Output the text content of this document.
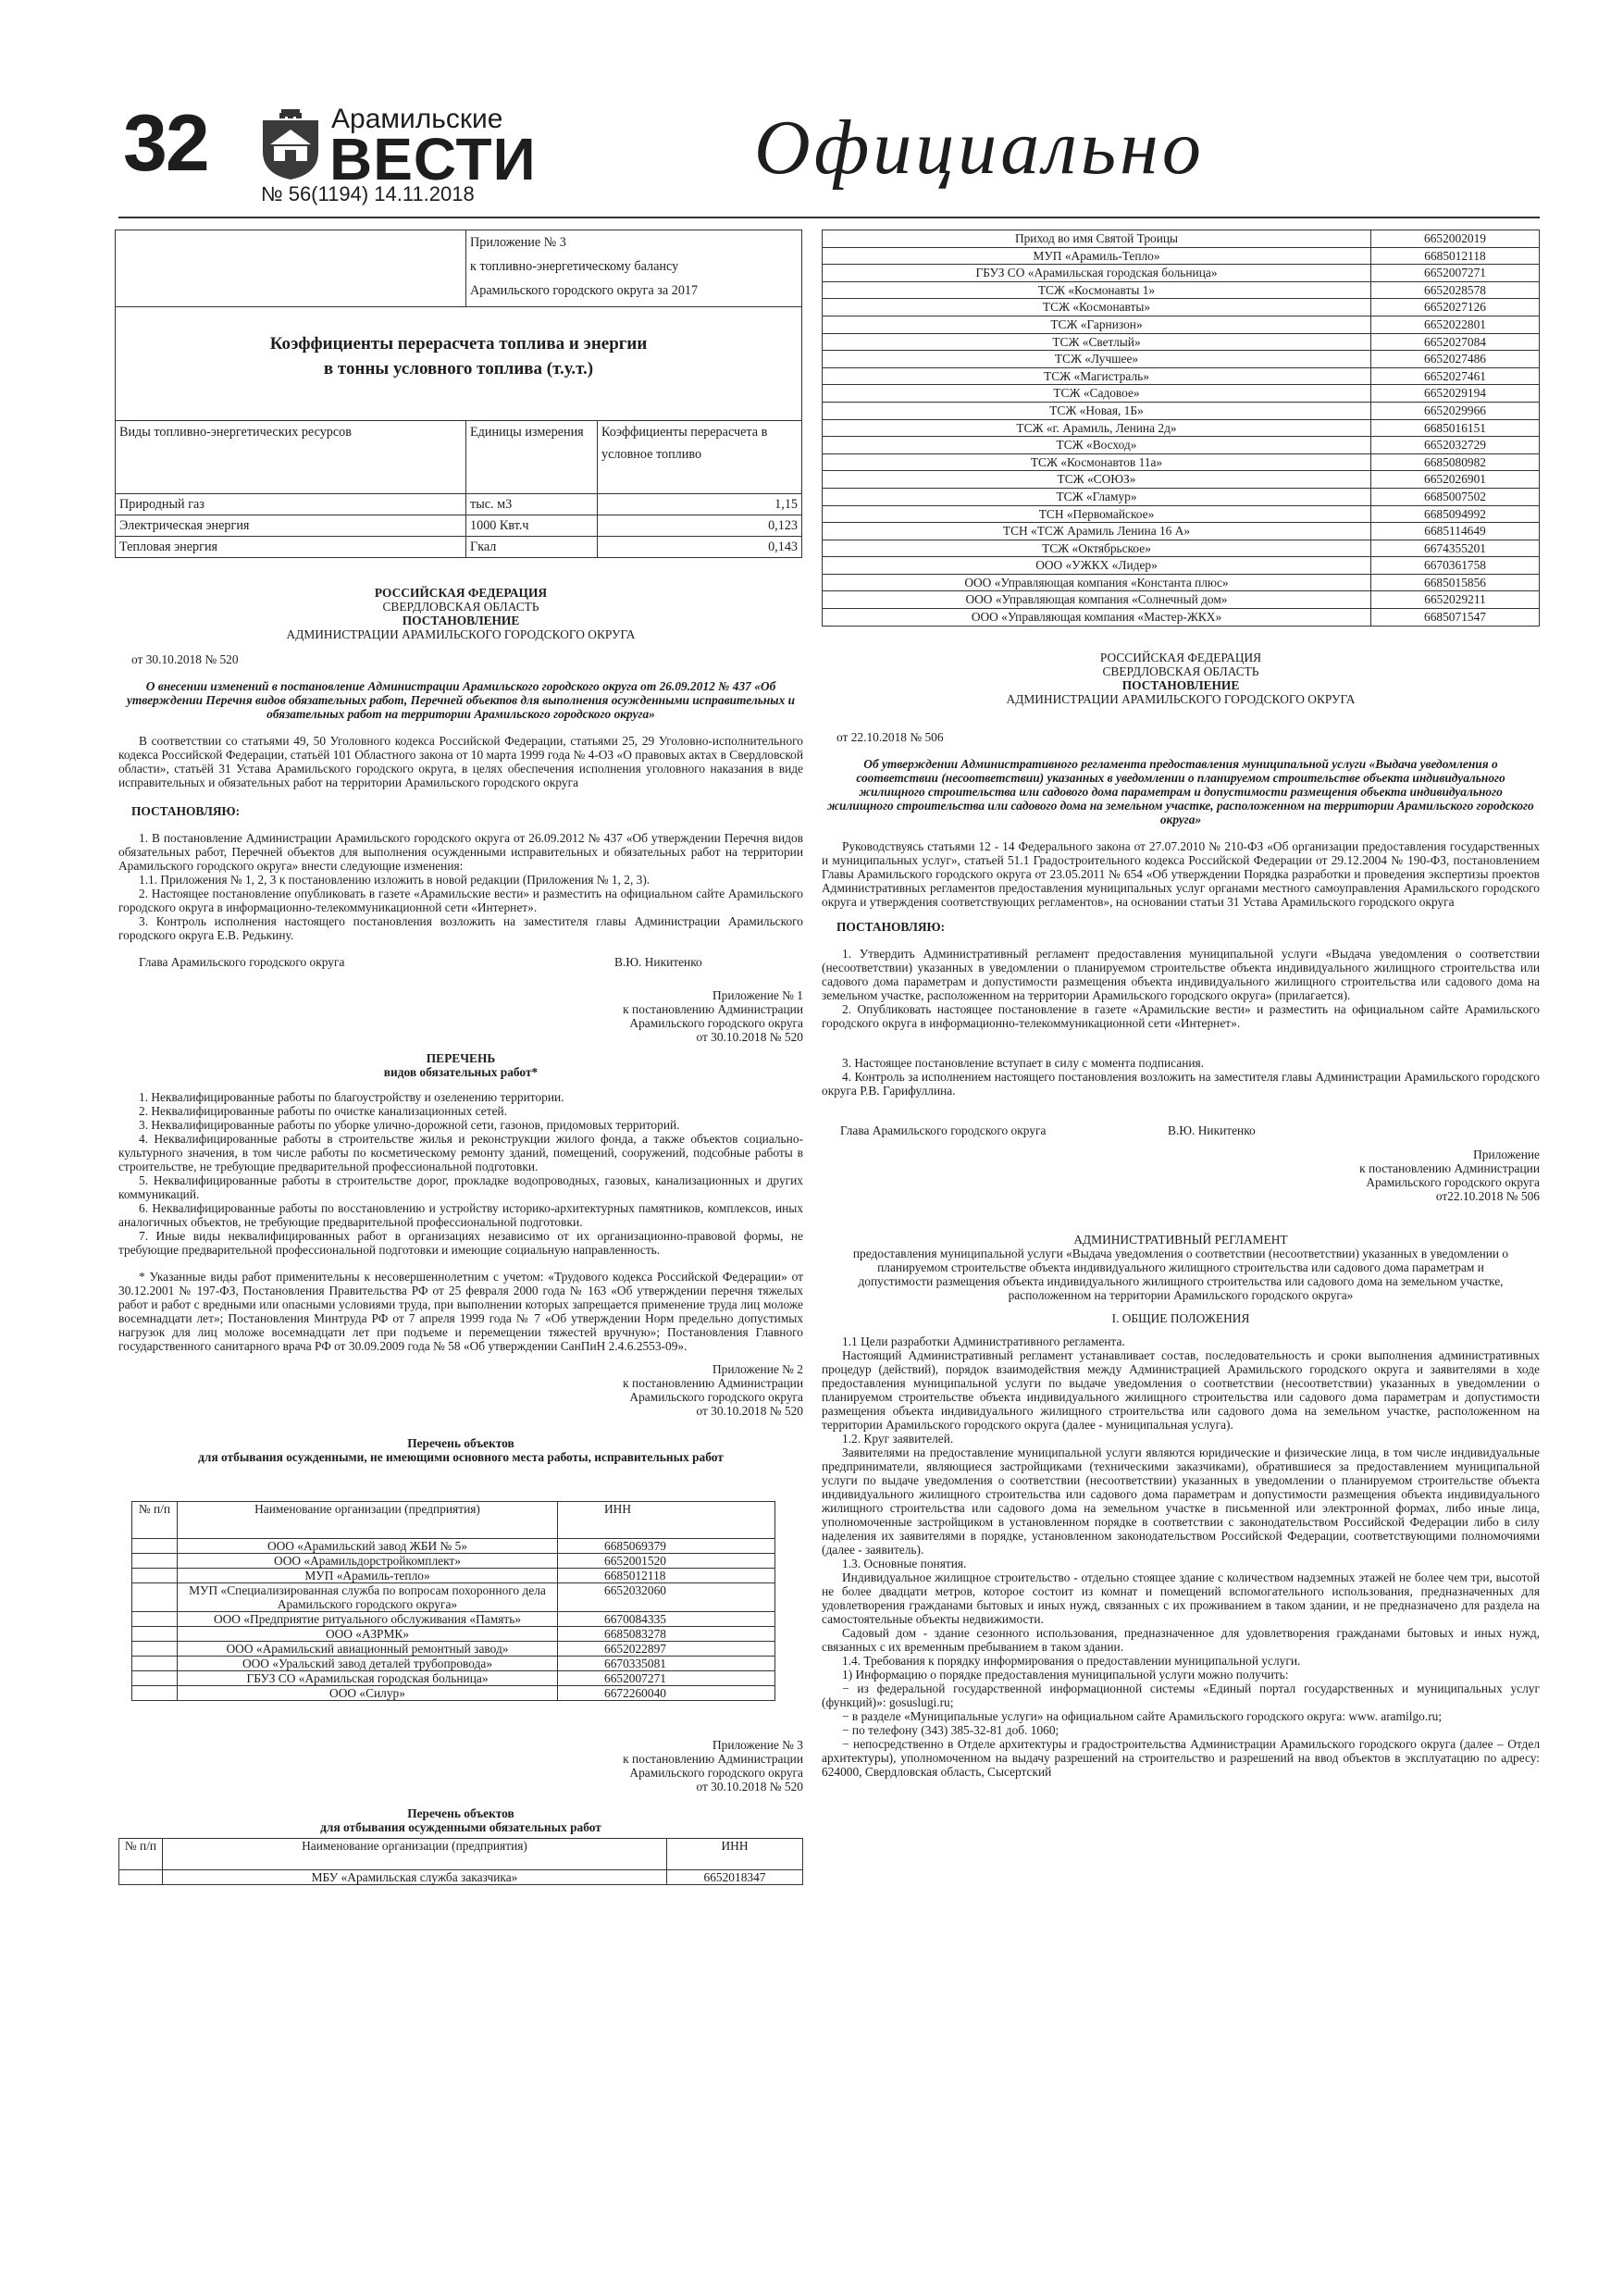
32	Арамильские
ВЕСТИ
№ 56(1194) 14.11.2018
Официально

	Приложение № 3
к топливно-энергетическому балансу
Арамильского городского округа за 2017	

Коэффициенты перерасчета топлива и энергии
в тонны условного топлива (т.у.т.)		

Виды топливно-энергетических ресурсов	Единицы измерения	Коэффициенты перерасчета в условное топливо
Природный газ	тыс. м3	1,15
Электрическая энергия	1000 Квт.ч	0,123
Тепловая энергия	Гкал	0,143
РОССИЙСКАЯ ФЕДЕРАЦИЯ
СВЕРДЛОВСКАЯ ОБЛАСТЬ
ПОСТАНОВЛЕНИЕ
АДМИНИСТРАЦИИ АРАМИЛЬСКОГО ГОРОДСКОГО ОКРУГА

от 30.10.2018 № 520

О внесении изменений в постановление Администрации Арамильского городского округа от 26.09.2012 № 437 «Об утверждении Перечня видов обязательных работ, Перечней объектов для выполнения осужденными исправительных и обязательных работ на территории Арамильского городского округа»

В соответствии со статьями 49, 50 Уголовного кодекса Российской Федерации, статьями 25, 29 Уголовно-исполнительного кодекса Российской Федерации, статьёй 101 Областного закона от 10 марта 1999 года № 4-ОЗ «О правовых актах в Свердловской области», статьёй 31 Устава Арамильского городского округа, в целях обеспечения исполнения уголовного наказания в виде исправительных и обязательных работ на территории Арамильского городского округа

ПОСТАНОВЛЯЮ:

1. В постановление Администрации Арамильского городского округа от 26.09.2012 № 437 «Об утверждении Перечня видов обязательных работ, Перечней объектов для выполнения осужденными исправительных и обязательных работ на территории Арамильского городского округа» внести следующие изменения:

1.1. Приложения № 1, 2, 3 к постановлению изложить в новой редакции (Приложения № 1, 2, 3).

2. Настоящее постановление опубликовать в газете «Арамильские вести» и разместить на официальном сайте Арамильского городского округа в информационно-телекоммуникационной сети «Интернет».

3. Контроль исполнения настоящего постановления возложить на заместителя главы Администрации Арамильского городского округа Е.В. Редькину.

Глава Арамильского городского округа	В.Ю. Никитенко
Приложение № 1
к постановлению Администрации
Арамильского городского округа
от 30.10.2018 № 520
ПЕРЕЧЕНЬ
видов обязательных работ*

1. Неквалифицированные работы по благоустройству и озеленению территории.

2. Неквалифицированные работы по очистке канализационных сетей.

3. Неквалифицированные работы по уборке улично-дорожной сети, газонов, придомовых территорий.

4. Неквалифицированные работы в строительстве жилья и реконструкции жилого фонда, а также объектов социально-культурного значения, в том числе работы по косметическому ремонту зданий, помещений, сооружений, подсобные работы в строительстве, не требующие предварительной профессиональной подготовки.

5. Неквалифицированные работы в строительстве дорог, прокладке водопроводных, газовых, канализационных и других коммуникаций.

6. Неквалифицированные работы по восстановлению и устройству историко-архитектурных памятников, комплексов, иных аналогичных объектов, не требующие предварительной профессиональной подготовки.

7. Иные виды неквалифицированных работ в организациях независимо от их организационно-правовой формы, не требующие предварительной профессиональной подготовки и имеющие социальную направленность.

* Указанные виды работ применительны к несовершеннолетним с учетом: «Трудового кодекса Российской Федерации» от 30.12.2001 № 197-ФЗ, Постановления Правительства РФ от 25 февраля 2000 года № 163 «Об утверждении перечня тяжелых работ и работ с вредными или опасными условиями труда, при выполнении которых запрещается применение труда лиц моложе восемнадцати лет»; Постановления Минтруда РФ от 7 апреля 1999 года № 7 «Об утверждении Норм предельно допустимых нагрузок для лиц моложе восемнадцати лет при подъеме и перемещении тяжестей вручную»; Постановления Главного государственного санитарного врача РФ от 30.09.2009 года № 58 «Об утверждении СанПиН 2.4.6.2553-09».

Приложение № 2
к постановлению Администрации
Арамильского городского округа
от 30.10.2018 № 520
Перечень объектов
для отбывания осужденными, не имеющими основного места работы, исправительных работ
№ п/п	Наименование организации (предприятия)	ИНН
	ООО «Арамильский завод ЖБИ № 5»	6685069379
	ООО «Арамильдорстройкомплект»	6652001520
	МУП «Арамиль-тепло»	6685012118
	МУП «Специализированная служба по вопросам похоронного дела Арамильского городского округа»	6652032060
	ООО «Предприятие ритуального обслуживания «Память»	6670084335
	ООО «АЗРМК»	6685083278
	ООО «Арамильский авиационный ремонтный завод»	6652022897
	ООО «Уральский завод деталей трубопровода»	6670335081
	ГБУЗ СО «Арамильская городская больница»	6652007271
	ООО «Силур»	6672260040
Приложение № 3
к постановлению Администрации
Арамильского городского округа
от 30.10.2018 № 520
Перечень объектов
для отбывания осужденными обязательных работ
№ п/п	Наименование организации (предприятия)	ИНН
	МБУ «Арамильская служба заказчика»	6652018347
Приход во имя Святой Троицы	6652002019
МУП «Арамиль-Тепло»	6685012118
ГБУЗ СО «Арамильская городская больница»	6652007271
ТСЖ «Космонавты 1»	6652028578
ТСЖ «Космонавты»	6652027126
ТСЖ «Гарнизон»	6652022801
ТСЖ «Светлый»	6652027084
ТСЖ «Лучшее»	6652027486
ТСЖ «Магистраль»	6652027461
ТСЖ «Садовое»	6652029194
ТСЖ «Новая, 1Б»	6652029966
ТСЖ «г. Арамиль, Ленина 2д»	6685016151
ТСЖ «Восход»	6652032729
ТСЖ «Космонавтов 11а»	6685080982
ТСЖ «СОЮЗ»	6652026901
ТСЖ «Гламур»	6685007502
ТСН «Первомайское»	6685094992
ТСН «ТСЖ Арамиль Ленина 16 А»	6685114649
ТСЖ «Октябрьское»	6674355201
ООО «УЖКХ «Лидер»	6670361758
ООО «Управляющая компания «Константа плюс»	6685015856
ООО «Управляющая компания «Солнечный дом»	6652029211
ООО «Управляющая компания «Мастер-ЖКХ»	6685071547
РОССИЙСКАЯ ФЕДЕРАЦИЯ
СВЕРДЛОВСКАЯ ОБЛАСТЬ
ПОСТАНОВЛЕНИЕ
АДМИНИСТРАЦИИ АРАМИЛЬСКОГО ГОРОДСКОГО ОКРУГА

от 22.10.2018 № 506

Об утверждении Административного регламента предоставления муниципальной услуги «Выдача уведомления о соответствии (несоответствии) указанных в уведомлении о планируемом строительстве объекта индивидуального жилищного строительства или садового дома параметрам и допустимости размещения объекта индивидуального жилищного строительства или садового дома на земельном участке, расположенном на территории Арамильского городского округа»

Руководствуясь статьями 12 - 14 Федерального закона от 27.07.2010 № 210-ФЗ «Об организации предоставления государственных и муниципальных услуг», статьей 51.1 Градостроительного кодекса Российской Федерации от 29.12.2004 № 190-ФЗ, постановлением Главы Арамильского городского округа от 23.05.2011 № 654 «Об утверждении Порядка разработки и проведения экспертизы проектов Административных регламентов предоставления муниципальных услуг органами местного самоуправления Арамильского городского округа и утверждения соответствующих регламентов», на основании статьи 31 Устава Арамильского городского округа

ПОСТАНОВЛЯЮ:

1. Утвердить Административный регламент предоставления муниципальной услуги «Выдача уведомления о соответствии (несоответствии) указанных в уведомлении о планируемом строительстве объекта индивидуального жилищного строительства или садового дома параметрам и допустимости размещения объекта индивидуального жилищного строительства или садового дома на земельном участке, расположенном на территории Арамильского городского округа» (прилагается).

2. Опубликовать настоящее постановление в газете «Арамильские вести» и разместить на официальном сайте Арамильского городского округа в информационно-телекоммуникационной сети «Интернет».

3. Настоящее постановление вступает в силу с момента подписания.

4. Контроль за исполнением настоящего постановления возложить на заместителя главы Администрации Арамильского городского округа Р.В. Гарифуллина.

Глава Арамильского городского округа	В.Ю. Никитенко
Приложение
к постановлению Администрации
Арамильского городского округа
от22.10.2018 № 506

АДМИНИСТРАТИВНЫЙ РЕГЛАМЕНТ

предоставления муниципальной услуги «Выдача уведомления о соответствии (несоответствии) указанных в уведомлении о планируемом строительстве объекта индивидуального жилищного строительства или садового дома параметрам и допустимости размещения объекта индивидуального жилищного строительства или садового дома на земельном участке, расположенном на территории Арамильского городского округа»

I. ОБЩИЕ ПОЛОЖЕНИЯ

1.1 Цели разработки Административного регламента.

Настоящий Административный регламент устанавливает состав, последовательность и сроки выполнения административных процедур (действий), порядок взаимодействия между Администрацией Арамильского городского округа и заявителями в ходе предоставления муниципальной услуги по выдаче уведомления о соответствии (несоответствии) указанных в уведомлении о планируемом строительстве объекта индивидуального жилищного строительства или садового дома параметрам и допустимости размещения объекта индивидуального жилищного строительства или садового дома на земельном участке, расположенном на территории Арамильского городского округа (далее - муниципальная услуга).

1.2. Круг заявителей.

Заявителями на предоставление муниципальной услуги являются юридические и физические лица, в том числе индивидуальные предприниматели, являющиеся застройщиками (техническими заказчиками), обратившиеся за предоставлением муниципальной услуги по выдаче уведомления о соответствии (несоответствии) указанных в уведомлении о планируемом строительстве объекта индивидуального жилищного строительства или садового дома параметрам и допустимости размещения объекта индивидуального жилищного строительства или садового дома на земельном участке в письменной или электронной формах, либо иные лица, уполномоченные застройщиком в установленном порядке в соответствии с законодательством Российской Федерации либо в силу наделения их заявителями в порядке, установленном законодательством Российской Федерации, соответствующими полномочиями (далее - заявитель).

1.3. Основные понятия.

Индивидуальное жилищное строительство - отдельно стоящее здание с количеством надземных этажей не более чем три, высотой не более двадцати метров, которое состоит из комнат и помещений вспомогательного использования, предназначенных для удовлетворения гражданами бытовых и иных нужд, связанных с их проживанием в таком здании, и не предназначено для раздела на самостоятельные объекты недвижимости.

Садовый дом - здание сезонного использования, предназначенное для удовлетворения гражданами бытовых и иных нужд, связанных с их временным пребыванием в таком здании.

1.4. Требования к порядку информирования о предоставлении муниципальной услуги.

1) Информацию о порядке предоставления муниципальной услуги можно получить:

− из федеральной государственной информационной системы «Единый портал государственных и муниципальных услуг (функций)»: gosuslugi.ru;

− в разделе «Муниципальные услуги» на официальном сайте Арамильского городского округа: www. aramilgo.ru;

− по телефону (343) 385-32-81 доб. 1060;

− непосредственно в Отделе архитектуры и градостроительства Администрации Арамильского городского округа (далее – Отдел архитектуры), уполномоченном на выдачу разрешений на строительство и разрешений на ввод объектов в эксплуатацию по адресу: 624000, Свердловская область, Сысертский
